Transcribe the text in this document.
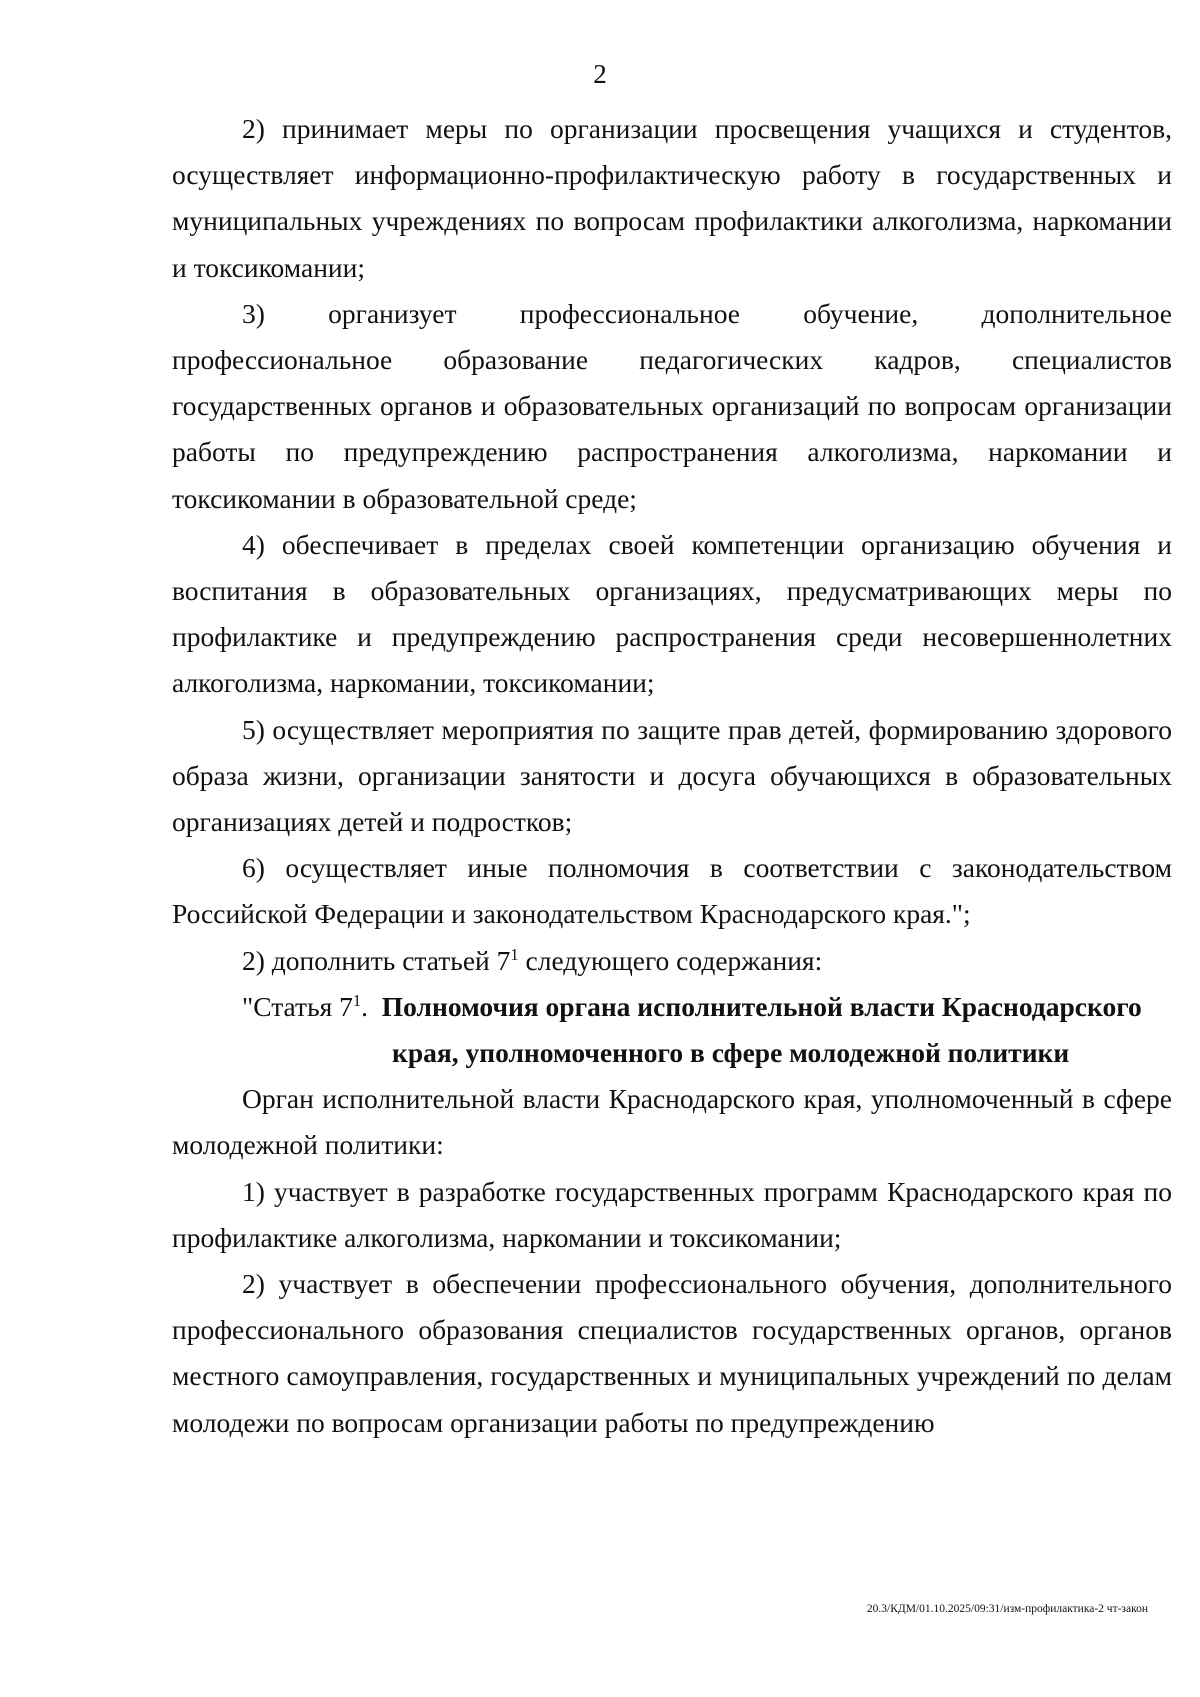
2

2) принимает меры по организации просвещения учащихся и студентов, осуществляет информационно-профилактическую работу в государственных и муниципальных учреждениях по вопросам профилактики алкоголизма, наркомании и токсикомании;

3) организует профессиональное обучение, дополнительное профессиональное образование педагогических кадров, специалистов государственных органов и образовательных организаций по вопросам организации работы по предупреждению распространения алкоголизма, наркомании и токсикомании в образовательной среде;

4) обеспечивает в пределах своей компетенции организацию обучения и воспитания в образовательных организациях, предусматривающих меры по профилактике и предупреждению распространения среди несовершеннолетних алкоголизма, наркомании, токсикомании;

5) осуществляет мероприятия по защите прав детей, формированию здорового образа жизни, организации занятости и досуга обучающихся в образовательных организациях детей и подростков;

6) осуществляет иные полномочия в соответствии с законодательством Российской Федерации и законодательством Краснодарского края.";

2) дополнить статьей $7^1$ следующего содержания:

"Статья $7^1$. Полномочия органа исполнительной власти Краснодарского
края, уполномоченного в сфере молодежной политики

Орган исполнительной власти Краснодарского края, уполномоченный в сфере молодежной политики:

1) участвует в разработке государственных программ Краснодарского края по профилактике алкоголизма, наркомании и токсикомании;

2) участвует в обеспечении профессионального обучения, дополнительного профессионального образования специалистов государственных органов, органов местного самоуправления, государственных и муниципальных учреждений по делам молодежи по вопросам организации работы по предупреждению

20.3/КДМ/01.10.2025/09:31/изм-профилактика-2 чт-закон
